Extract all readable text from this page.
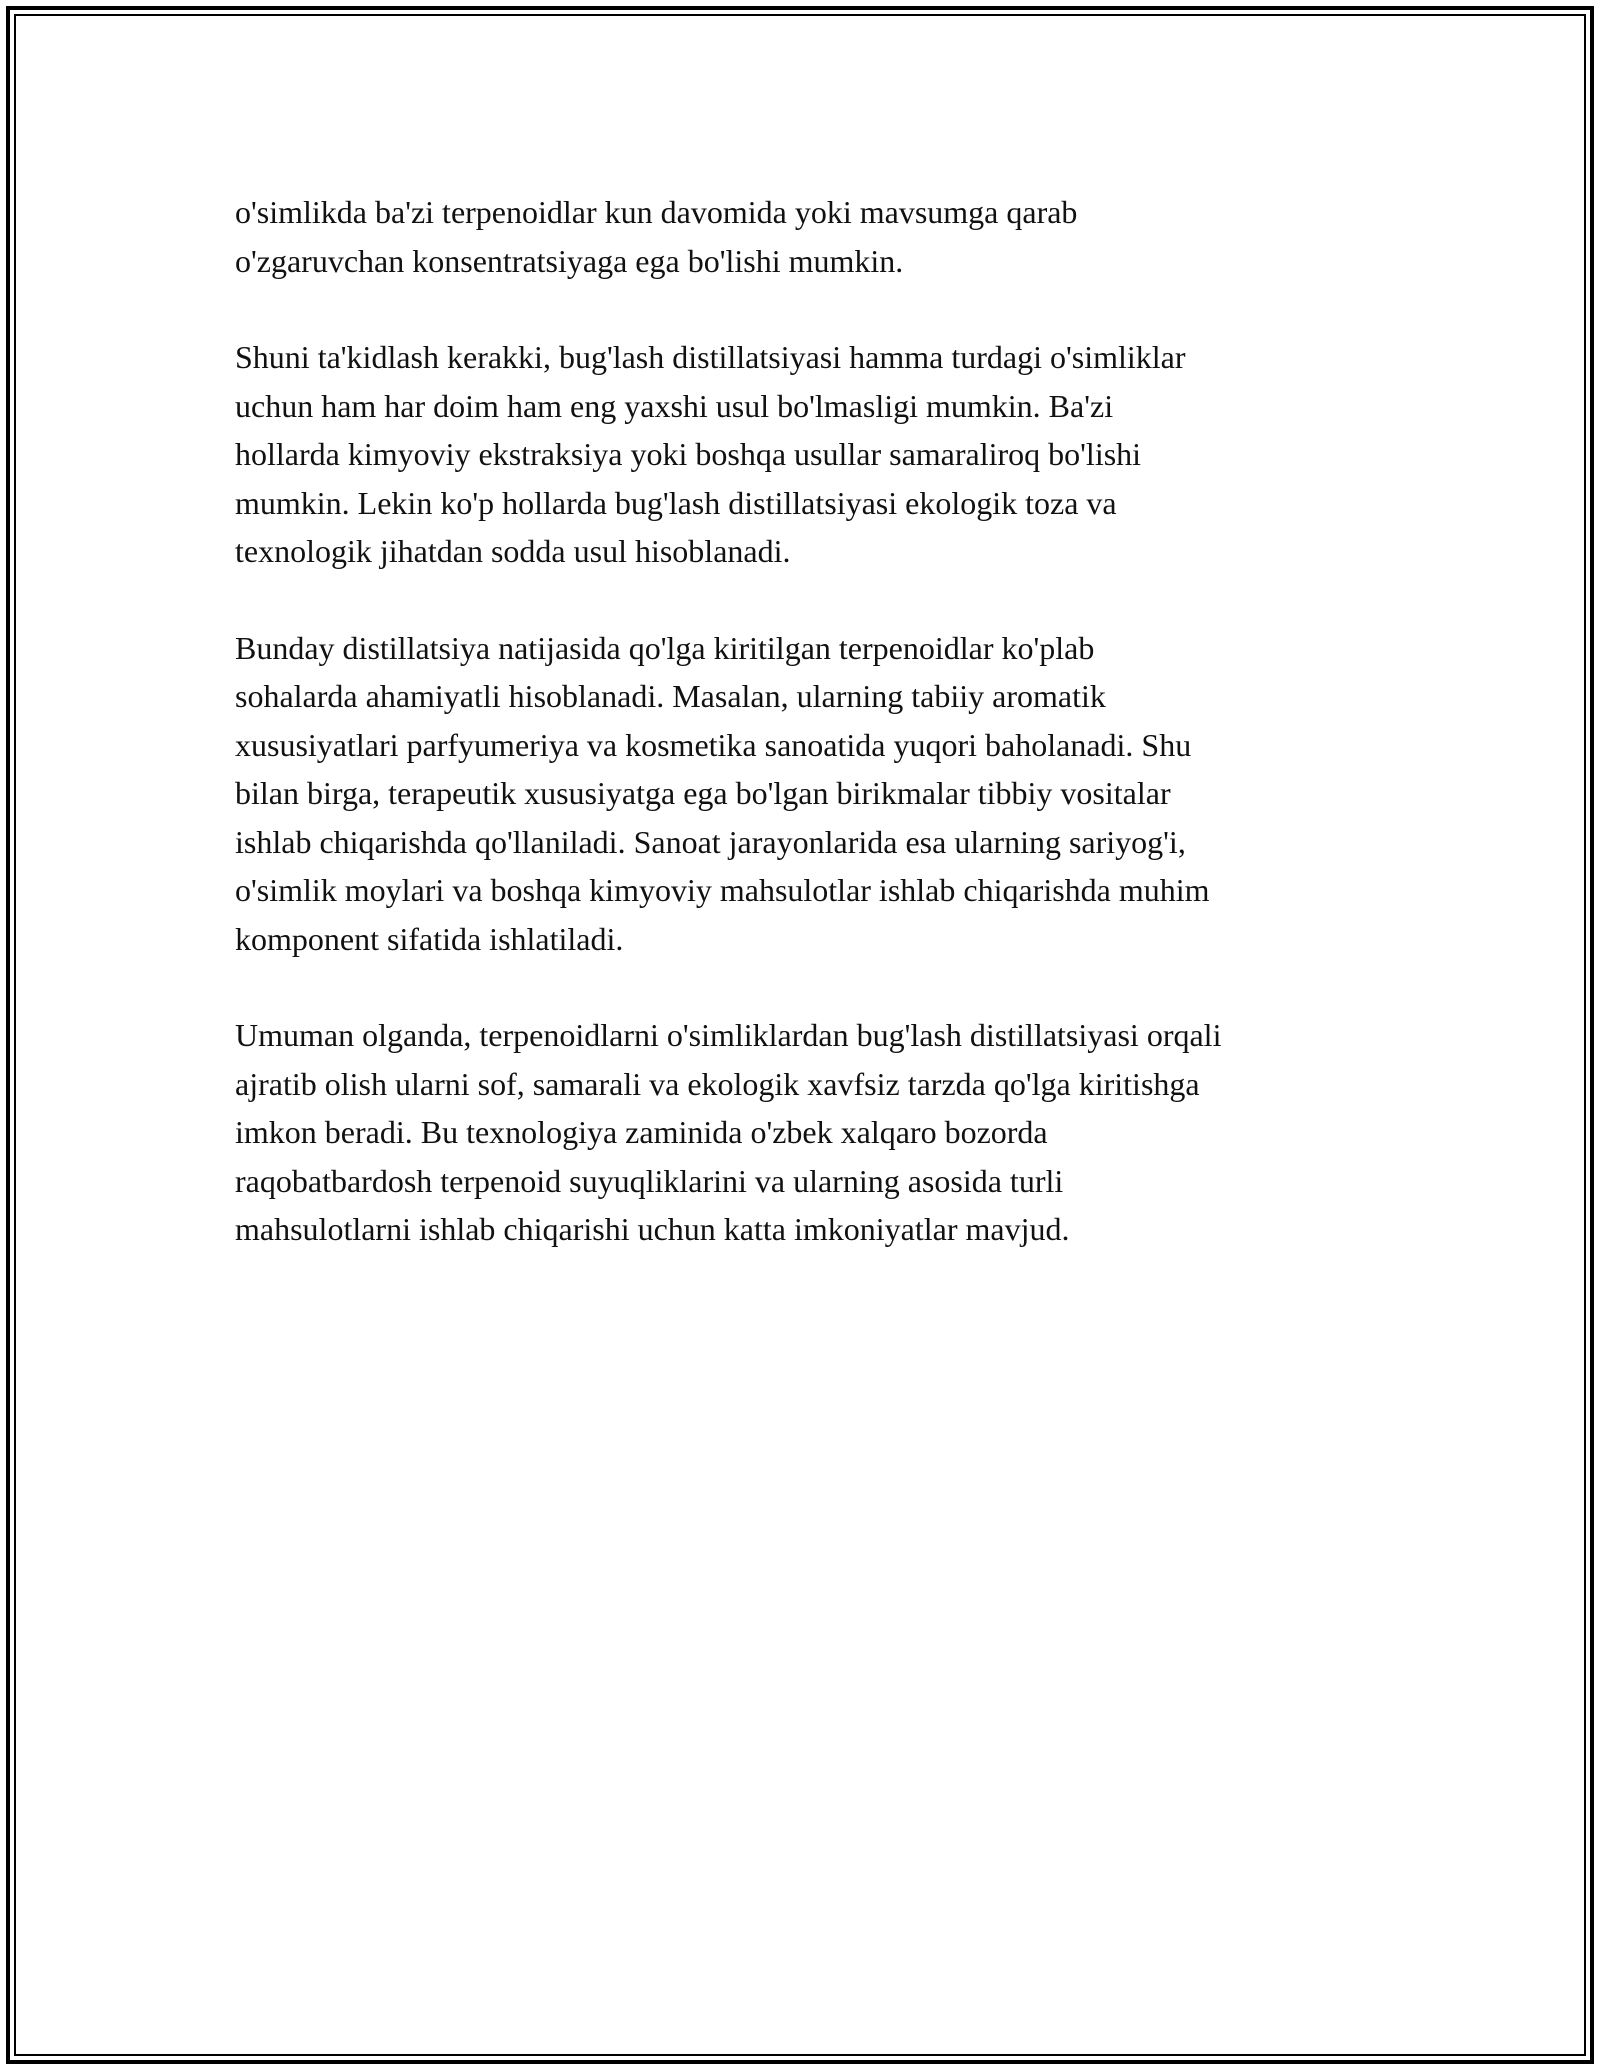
o'simlikda ba'zi terpenoidlar kun davomida yoki mavsumga qarab
o'zgaruvchan konsentratsiyaga ega bo'lishi mumkin.

Shuni ta'kidlash kerakki, bug'lash distillatsiyasi hamma turdagi o'simliklar
uchun ham har doim ham eng yaxshi usul bo'lmasligi mumkin. Ba'zi
hollarda kimyoviy ekstraksiya yoki boshqa usullar samaraliroq bo'lishi
mumkin. Lekin ko'p hollarda bug'lash distillatsiyasi ekologik toza va
texnologik jihatdan sodda usul hisoblanadi.

Bunday distillatsiya natijasida qo'lga kiritilgan terpenoidlar ko'plab
sohalarda ahamiyatli hisoblanadi. Masalan, ularning tabiiy aromatik
xususiyatlari parfyumeriya va kosmetika sanoatida yuqori baholanadi. Shu
bilan birga, terapeutik xususiyatga ega bo'lgan birikmalar tibbiy vositalar
ishlab chiqarishda qo'llaniladi. Sanoat jarayonlarida esa ularning sariyog'i,
o'simlik moylari va boshqa kimyoviy mahsulotlar ishlab chiqarishda muhim
komponent sifatida ishlatiladi.

Umuman olganda, terpenoidlarni o'simliklardan bug'lash distillatsiyasi orqali
ajratib olish ularni sof, samarali va ekologik xavfsiz tarzda qo'lga kiritishga
imkon beradi. Bu texnologiya zaminida o'zbek xalqaro bozorda
raqobatbardosh terpenoid suyuqliklarini va ularning asosida turli
mahsulotlarni ishlab chiqarishi uchun katta imkoniyatlar mavjud.
